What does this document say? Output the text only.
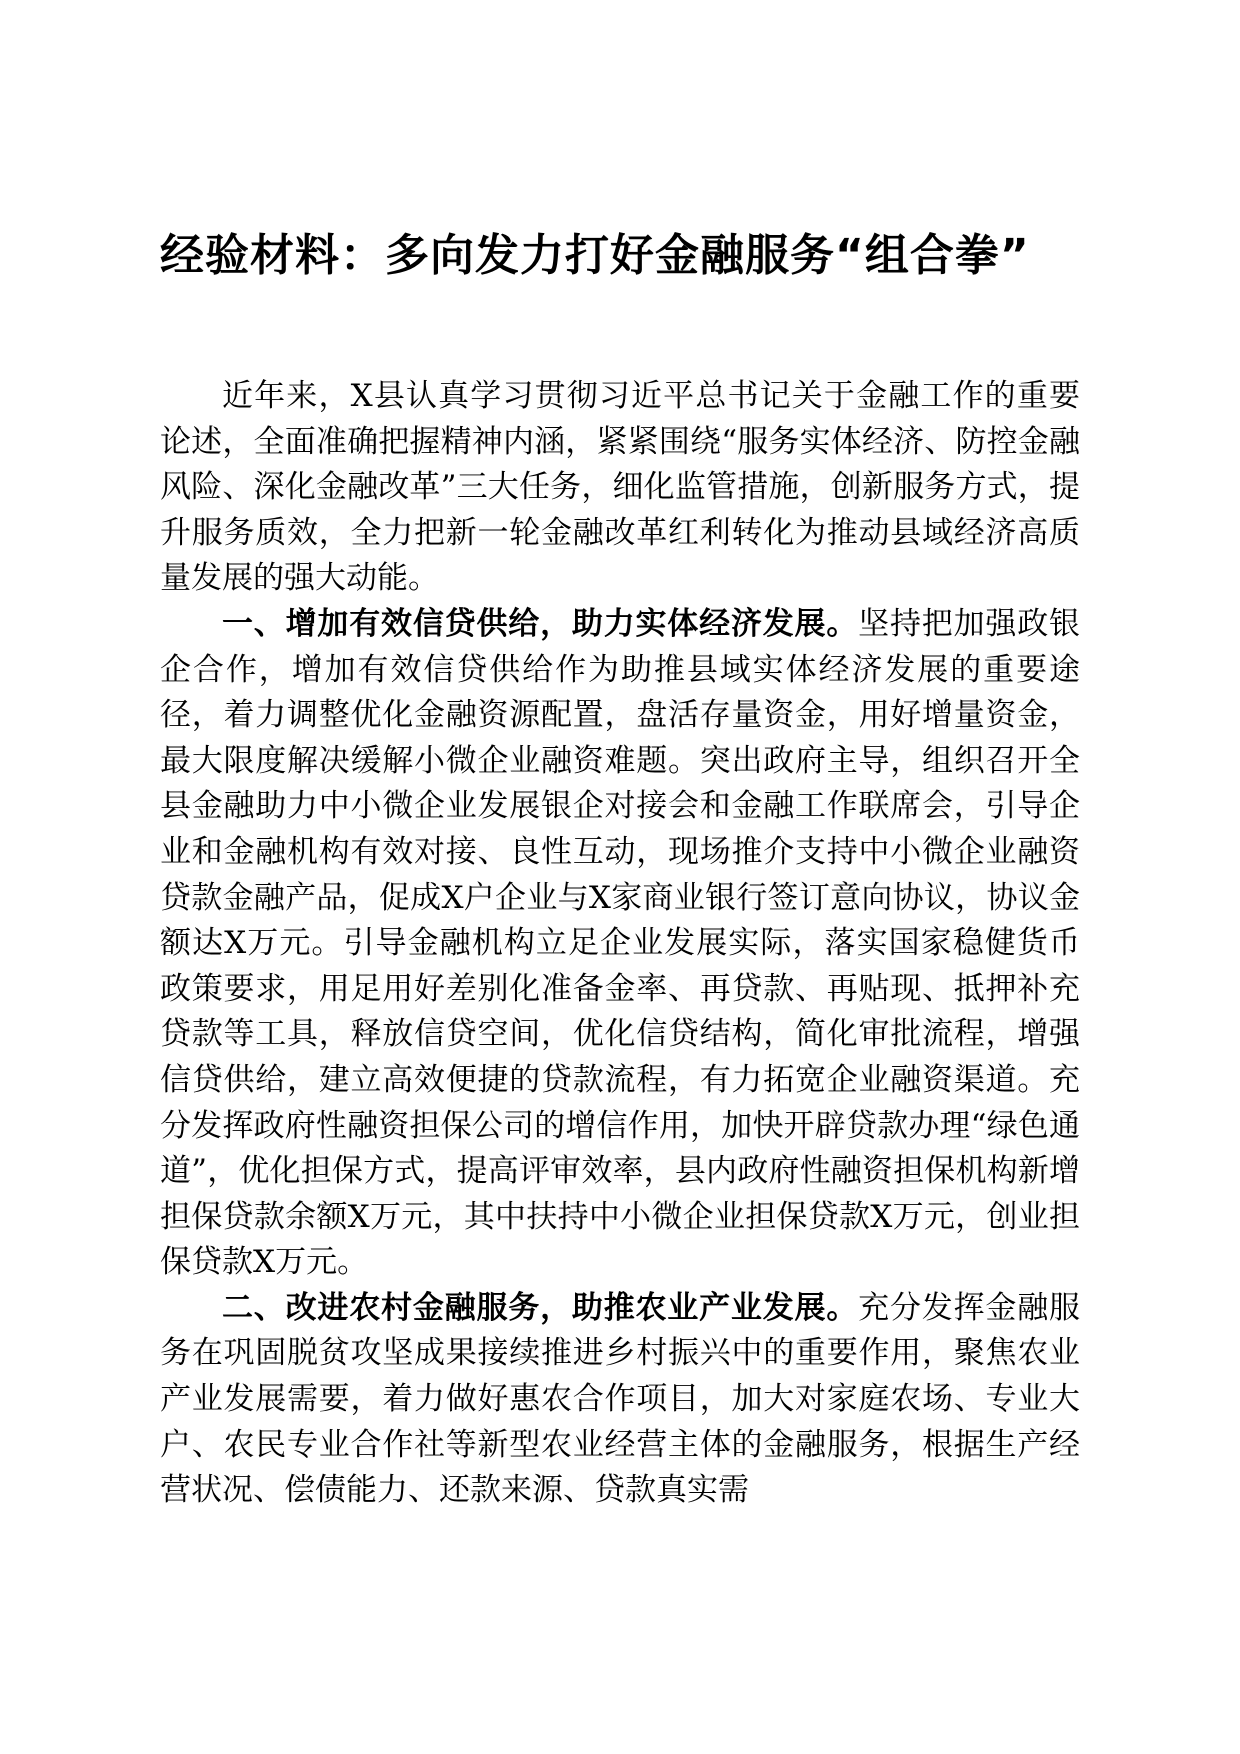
经验材料：多向发力打好金融服务“组合拳”

近年来，X县认真学习贯彻习近平总书记关于金融工作的重要论述，全面准确把握精神内涵，紧紧围绕“服务实体经济、防控金融风险、深化金融改革”三大任务，细化监管措施，创新服务方式，提升服务质效，全力把新一轮金融改革红利转化为推动县域经济高质量发展的强大动能。

一、增加有效信贷供给，助力实体经济发展。坚持把加强政银企合作，增加有效信贷供给作为助推县域实体经济发展的重要途径，着力调整优化金融资源配置，盘活存量资金，用好增量资金，最大限度解决缓解小微企业融资难题。突出政府主导，组织召开全县金融助力中小微企业发展银企对接会和金融工作联席会，引导企业和金融机构有效对接、良性互动，现场推介支持中小微企业融资贷款金融产品，促成X户企业与X家商业银行签订意向协议，协议金额达X万元。引导金融机构立足企业发展实际，落实国家稳健货币政策要求，用足用好差别化准备金率、再贷款、再贴现、抵押补充贷款等工具，释放信贷空间，优化信贷结构，简化审批流程，增强信贷供给，建立高效便捷的贷款流程，有力拓宽企业融资渠道。充分发挥政府性融资担保公司的增信作用，加快开辟贷款办理“绿色通道”，优化担保方式，提高评审效率，县内政府性融资担保机构新增担保贷款余额X万元，其中扶持中小微企业担保贷款X万元，创业担保贷款X万元。

二、改进农村金融服务，助推农业产业发展。充分发挥金融服务在巩固脱贫攻坚成果接续推进乡村振兴中的重要作用，聚焦农业产业发展需要，着力做好惠农合作项目，加大对家庭农场、专业大户、农民专业合作社等新型农业经营主体的金融服务，根据生产经营状况、偿债能力、还款来源、贷款真实需
